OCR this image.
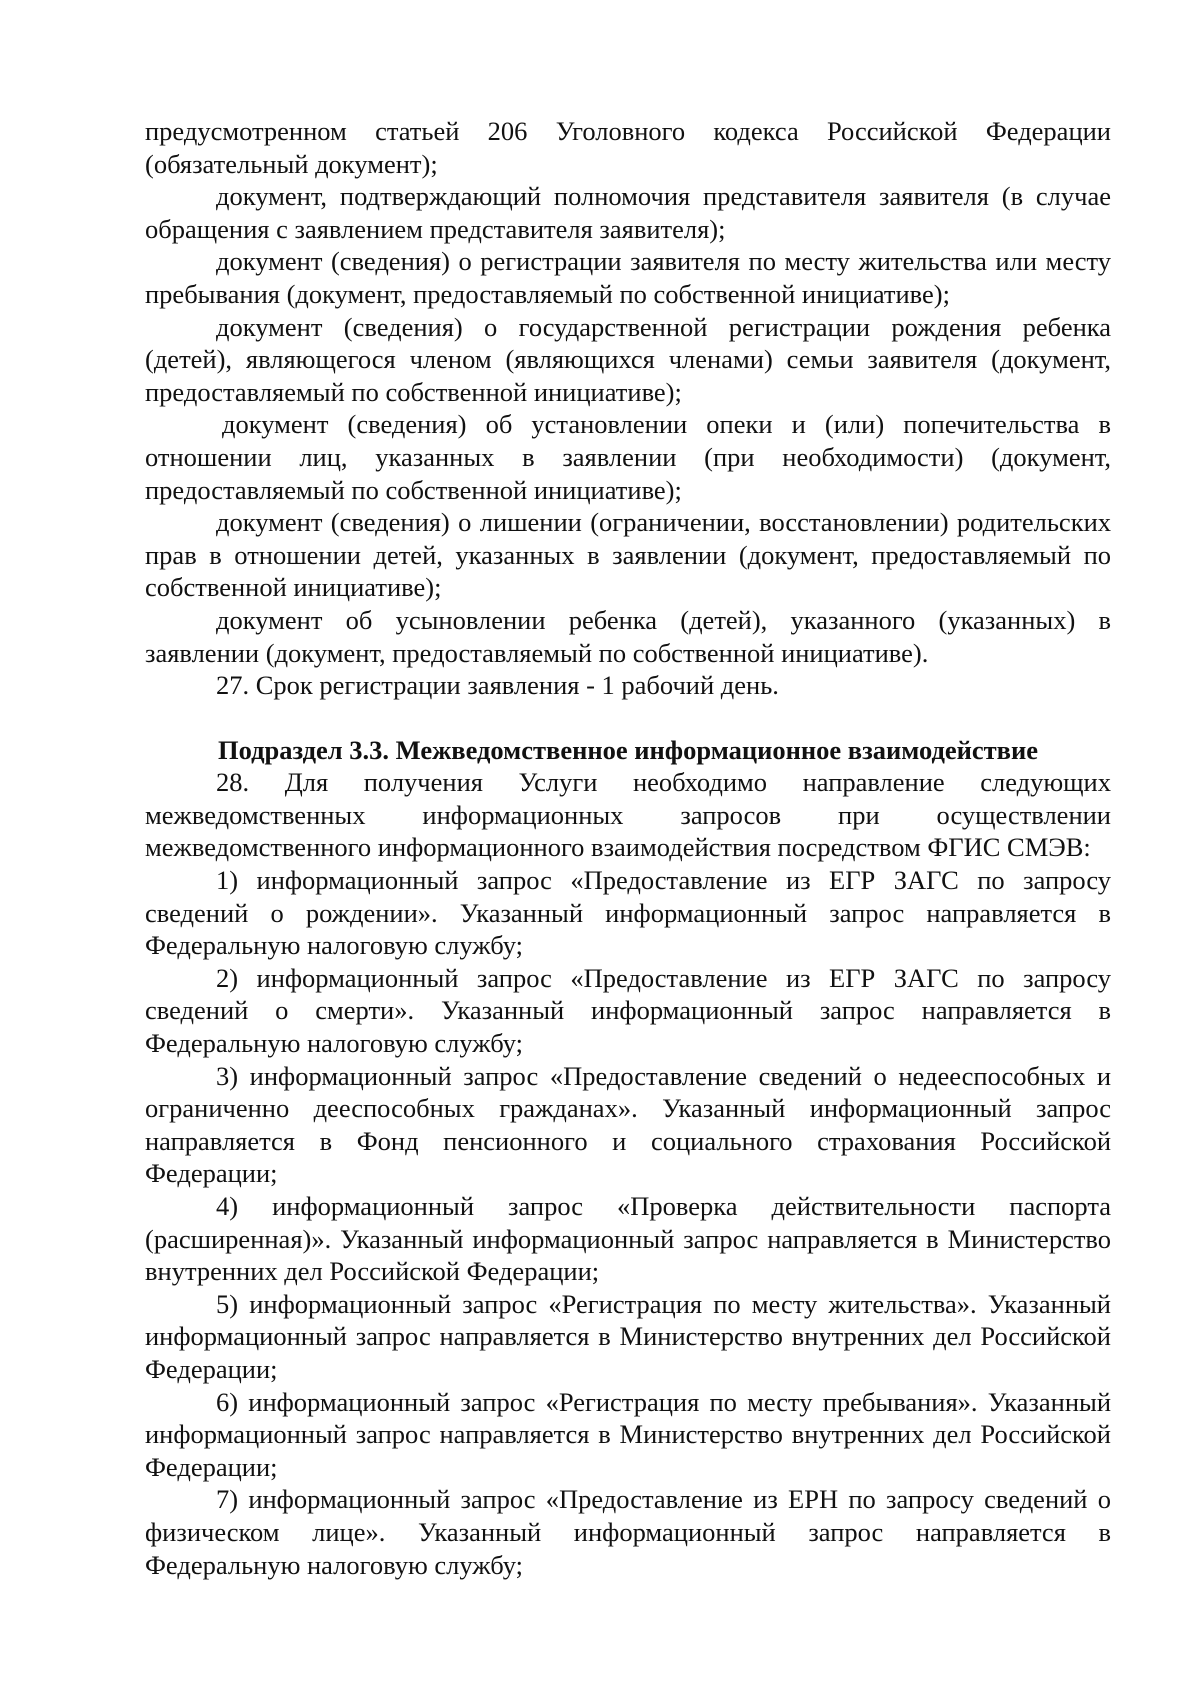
предусмотренном статьей 206 Уголовного кодекса Российской Федерации (обязательный документ);

документ, подтверждающий полномочия представителя заявителя (в случае обращения с заявлением представителя заявителя);

документ (сведения) о регистрации заявителя по месту жительства или месту пребывания (документ, предоставляемый по собственной инициативе);

документ (сведения) о государственной регистрации рождения ребенка (детей), являющегося членом (являющихся членами) семьи заявителя (документ, предоставляемый по собственной инициативе);

документ (сведения) об установлении опеки и (или) попечительства в отношении лиц, указанных в заявлении (при необходимости) (документ, предоставляемый по собственной инициативе);

документ (сведения) о лишении (ограничении, восстановлении) родительских прав в отношении детей, указанных в заявлении (документ, предоставляемый по собственной инициативе);

документ об усыновлении ребенка (детей), указанного (указанных) в заявлении (документ, предоставляемый по собственной инициативе).

27. Срок регистрации заявления - 1 рабочий день.

Подраздел 3.3. Межведомственное информационное взаимодействие

28. Для получения Услуги необходимо направление следующих межведомственных информационных запросов при осуществлении межведомственного информационного взаимодействия посредством ФГИС СМЭВ:

1) информационный запрос «Предоставление из ЕГР ЗАГС по запросу сведений о рождении». Указанный информационный запрос направляется в Федеральную налоговую службу;

2) информационный запрос «Предоставление из ЕГР ЗАГС по запросу сведений о смерти». Указанный информационный запрос направляется в Федеральную налоговую службу;

3) информационный запрос «Предоставление сведений о недееспособных и ограниченно дееспособных гражданах». Указанный информационный запрос направляется в Фонд пенсионного и социального страхования Российской Федерации;

4) информационный запрос «Проверка действительности паспорта (расширенная)». Указанный информационный запрос направляется в Министерство внутренних дел Российской Федерации;

5) информационный запрос «Регистрация по месту жительства». Указанный информационный запрос направляется в Министерство внутренних дел Российской Федерации;

6) информационный запрос «Регистрация по месту пребывания». Указанный информационный запрос направляется в Министерство внутренних дел Российской Федерации;

7) информационный запрос «Предоставление из ЕРН по запросу сведений о физическом лице». Указанный информационный запрос направляется в Федеральную налоговую службу;
